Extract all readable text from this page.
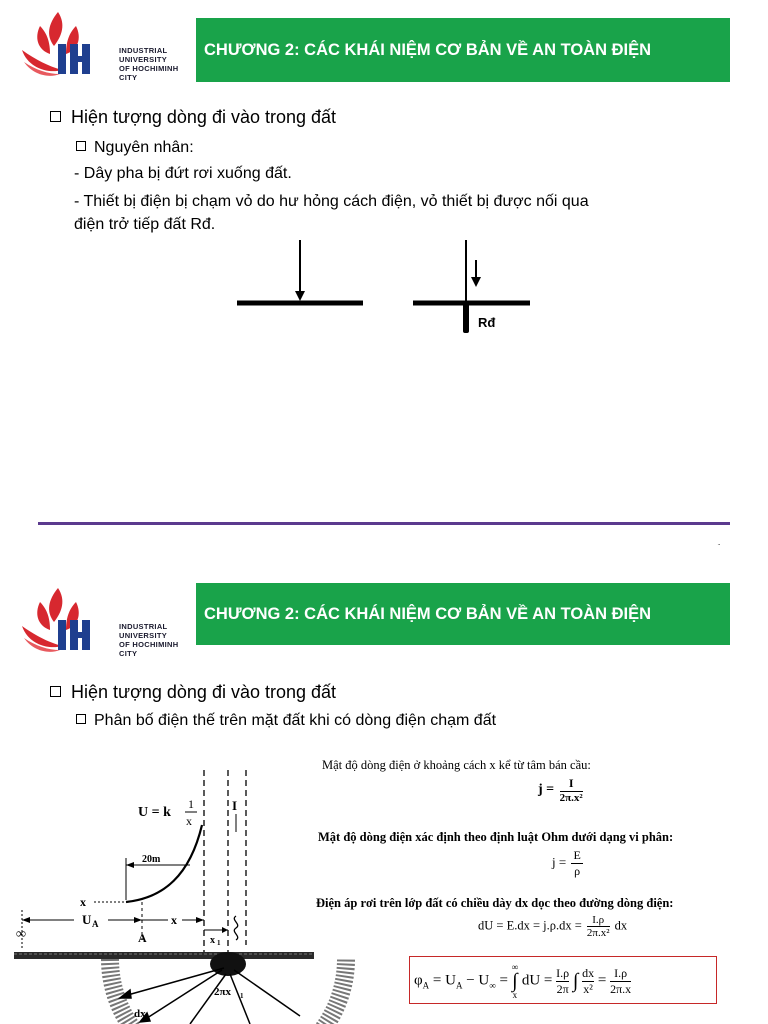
INDUSTRIAL
UNIVERSITY
OF HOCHIMINH CITY
CHƯƠNG 2: CÁC KHÁI NIỆM CƠ BẢN VỀ AN TOÀN ĐIỆN
Hiện tượng dòng đi vào trong đất
Nguyên nhân:
- Dây pha bị đứt rơi xuống đất.
- Thiết bị điện bị chạm vỏ do hư hỏng cách điện, vỏ thiết bị được nối qua
điện trở tiếp đất Rđ.
Rđ
INDUSTRIAL
UNIVERSITY
OF HOCHIMINH CITY
CHƯƠNG 2: CÁC KHÁI NIỆM CƠ BẢN VỀ AN TOÀN ĐIỆN
Hiện tượng dòng đi vào trong đất
Phân bố điện thế trên mặt đất khi có dòng điện chạm đất
U = k
1
x
20m
x
U A	x
A
∞
I
x 1
2πx 1
dx
Mật độ dòng điện ở khoảng cách x kể từ tâm bán cầu:
$j = \frac{I}{\text{2π.x²}}$
Mật độ dòng điện xác định theo định luật Ohm dưới dạng vi phân:
$j = \frac{E}{\rho}$
Điện áp rơi trên lớp đất có chiều dày dx dọc theo đường dòng điện:
dU = $E.dx = j.\rho.dx = \frac{I.\rho}{\text{2π.x²}}$ dx
$\varphi_A = U_A - U_\infty$ =
∞
∫
x
dU = $\frac{I.\rho}{2\pi}$ ∫ $\frac{dx}{\text{x²}} = \frac{I.\rho}{2\pi.x}$
